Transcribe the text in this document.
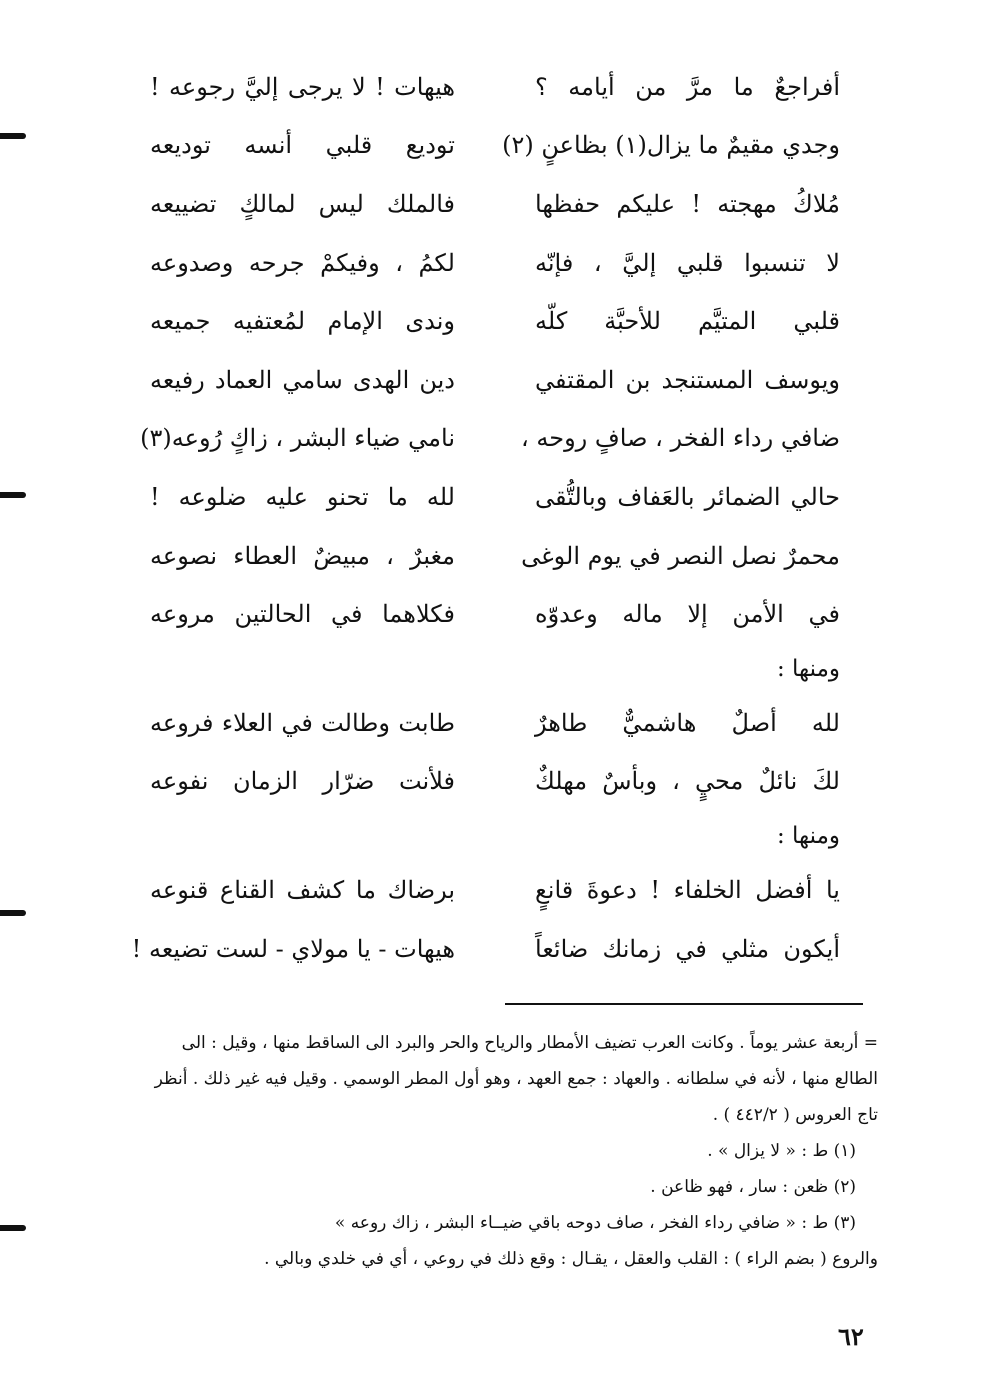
أفراجعٌ ما مرَّ من أيامه ؟
هيهات ! لا يرجى إليَّ رجوعه !
وجدي مقيمٌ ما يزال(١) بظاعنٍ (٢)
توديع قلبي أنسه توديعه
مُلاكُ مهجته ! عليكم حفظها
فالملك ليس لمالكٍ تضييعه
لا تنسبوا قلبي إليَّ ، فإنّه
لكمُ ، وفيكمْ جرحه وصدوعه
قلبي المتيَّم للأحبَّة كلّه
وندى الإمام لمُعتفيه جميعه
ويوسف المستنجد بن المقتفي
دين الهدى سامي العماد رفيعه
ضافي رداء الفخر ، صافٍ روحه ،
نامي ضياء البشر ، زاكٍ رُوعه(٣)
حالي الضمائر بالعَفاف وبالتُّقى
لله ما تحنو عليه ضلوعه !
محمرٌ نصل النصر في يوم الوغى
مغبرٌ ، مبيضٌ العطاء نصوعه
في الأمن إلا ماله وعدوّه
فكلاهما في الحالتين مروعه
ومنها :
لله أصلٌ هاشميٌّ طاهرٌ
طابت وطالت في العلاء فروعه
لكَ نائلٌ محيٍ ، وبأسٌ مهلكٌ
فلأنت ضرّار الزمان نفوعه
ومنها :
يا أفضل الخلفاء ! دعوةَ قانعٍ
برضاك ما كشف القناع قنوعه
أيكون مثلي في زمانك ضائعاً
هيهات - يا مولاي - لست تضيعه !
= أربعة عشر يوماً . وكانت العرب تضيف الأمطار والرياح والحر والبرد الى الساقط منها ، وقيل : الى
الطالع منها ، لأنه في سلطانه . والعهاد : جمع العهد ، وهو أول المطر الوسمي . وقيل فيه غير ذلك . أنظر
تاج العروس ( ٤٤٢/٢ ) .
(١) ط : « لا يزال » .
(٢) ظعن : سار ، فهو ظاعن .
(٣) ط : « ضافي رداء الفخر ، صاف دوحه باقي ضيــاء البشر ، زاك روعه »
والروع ( بضم الراء ) : القلب والعقل ، يقـال : وقع ذلك في روعي ، أي في خلدي وبالي .
٦٢
